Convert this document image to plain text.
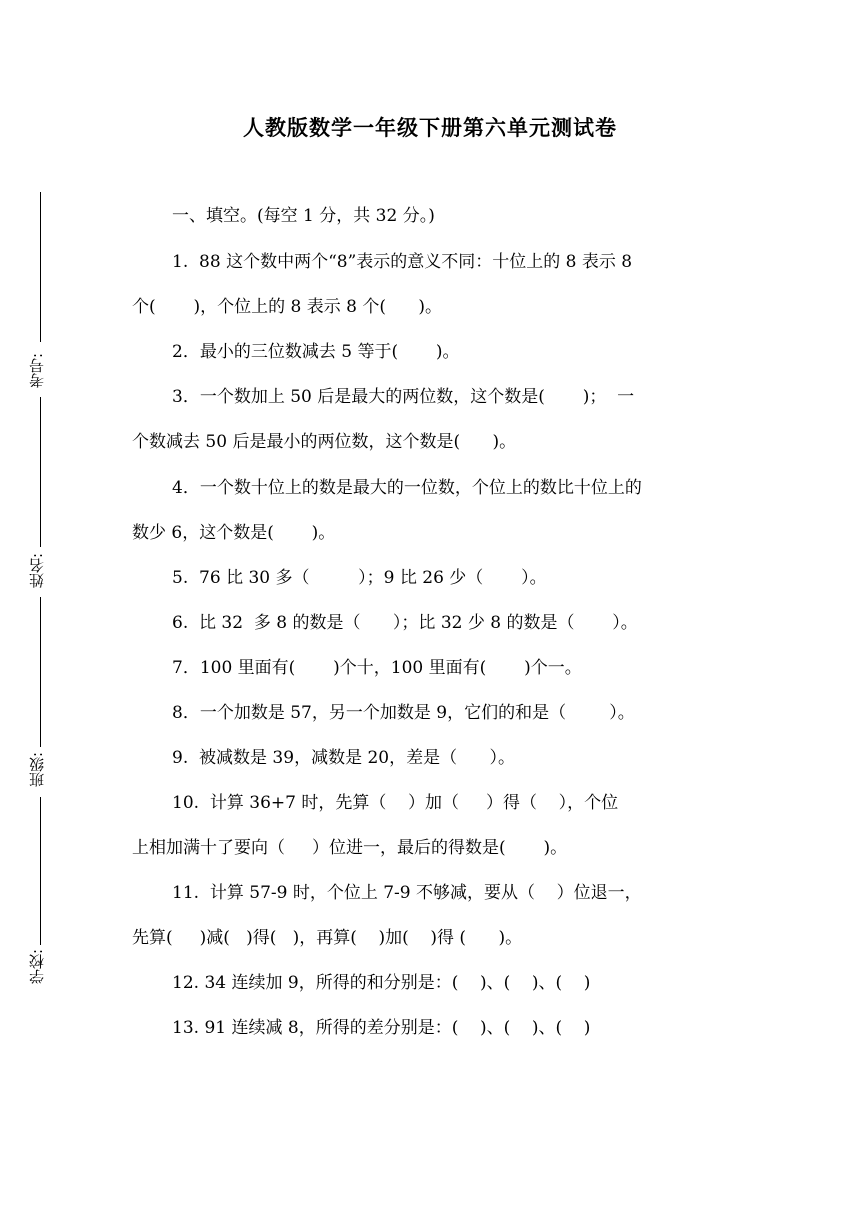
人教版数学一年级下册第六单元测试卷
考号:
姓名:
班级:
学校:
一、填空。(每空 1 分，共 32 分。)
1.  88 这个数中两个“8”表示的意义不同：十位上的 8 表示 8
个(       )，个位上的 8 表示 8 个(      )。
2．最小的三位数减去 5 等于(       )。
3．一个数加上 50 后是最大的两位数，这个数是(       )；  一
个数减去 50 后是最小的两位数，这个数是(      )。
4．一个数十位上的数是最大的一位数，个位上的数比十位上的
数少 6，这个数是(       )。
5.  76 比 30 多（         ）；9 比 26 少（       ）。
6.  比 32  多 8 的数是（      ）；比 32 少 8 的数是（       ）。
7．100 里面有(       )个十，100 里面有(       )个一。
8．一个加数是 57，另一个加数是 9，它们的和是（        ）。
9.  被减数是 39，减数是 20，差是（      ）。
10.  计算 36+7 时，先算（    ）加（     ）得（    ），个位
上相加满十了要向（     ）位进一，最后的得数是(       )。
11.  计算 57-9 时，个位上 7-9 不够减，要从（    ）位退一，
先算(     )减(   )得(   )，再算(    )加(    )得 (      )。
12. 34 连续加 9，所得的和分别是：(    )、(    )、(    )
13. 91 连续减 8，所得的差分别是：(    )、(    )、(    )
